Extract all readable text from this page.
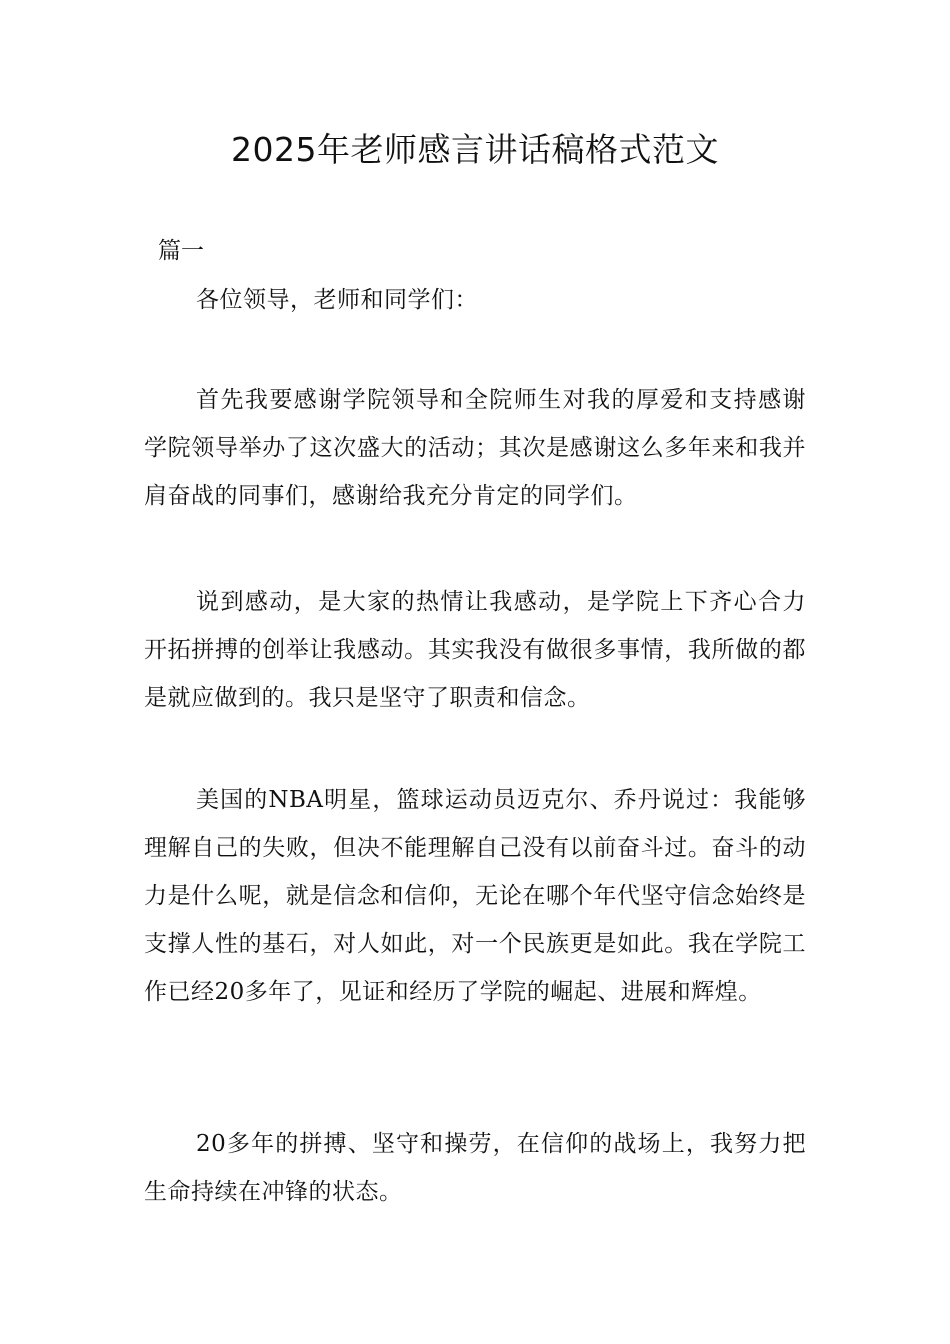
2025年老师感言讲话稿格式范文
篇一
各位领导，老师和同学们：
首先我要感谢学院领导和全院师生对我的厚爱和支持感谢学院领导举办了这次盛大的活动；其次是感谢这么多年来和我并肩奋战的同事们，感谢给我充分肯定的同学们。
说到感动，是大家的热情让我感动，是学院上下齐心合力开拓拼搏的创举让我感动。其实我没有做很多事情，我所做的都是就应做到的。我只是坚守了职责和信念。
美国的NBA明星，篮球运动员迈克尔、乔丹说过：我能够理解自己的失败，但决不能理解自己没有以前奋斗过。奋斗的动力是什么呢，就是信念和信仰，无论在哪个年代坚守信念始终是支撑人性的基石，对人如此，对一个民族更是如此。我在学院工作已经20多年了，见证和经历了学院的崛起、进展和辉煌。
20多年的拼搏、坚守和操劳，在信仰的战场上，我努力把生命持续在冲锋的状态。
